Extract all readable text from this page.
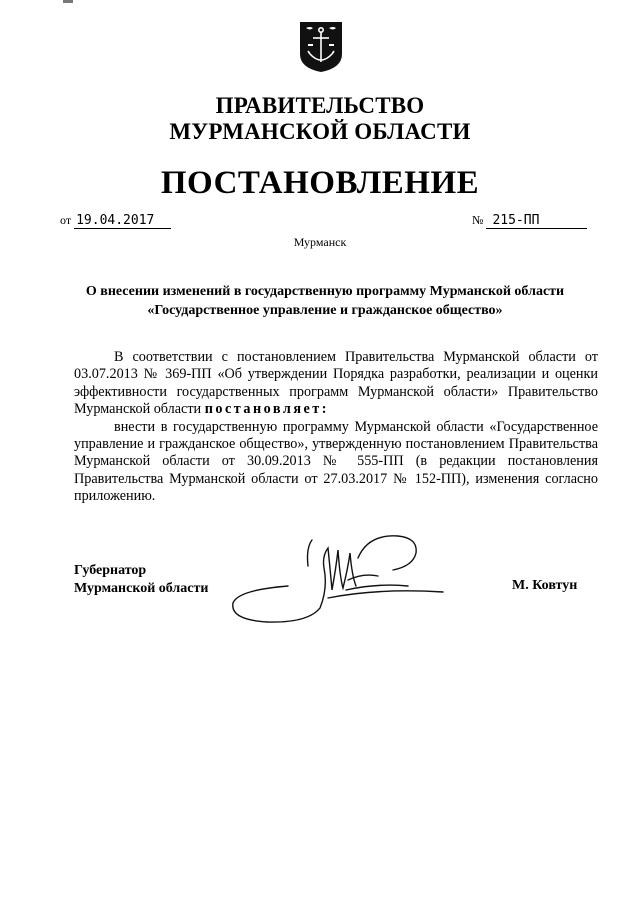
ПРАВИТЕЛЬСТВО
МУРМАНСКОЙ ОБЛАСТИ
ПОСТАНОВЛЕНИЕ
от 19.04.2017	№ 215-ПП
Мурманск
О внесении изменений в государственную программу Мурманской области
«Государственное управление и гражданское общество»

В соответствии с постановлением Правительства Мурманской области от 03.07.2013 № 369-ПП «Об утверждении Порядка разработки, реализации и оценки эффективности государственных программ Мурманской области» Правительство Мурманской области постановляет:

внести в государственную программу Мурманской области «Государственное управление и гражданское общество», утвержденную постановлением Правительства Мурманской области от 30.09.2013 № 555-ПП (в редакции постановления Правительства Мурманской области от 27.03.2017 № 152-ПП), изменения согласно приложению.

Губернатор
Мурманской области	М. Ковтун
